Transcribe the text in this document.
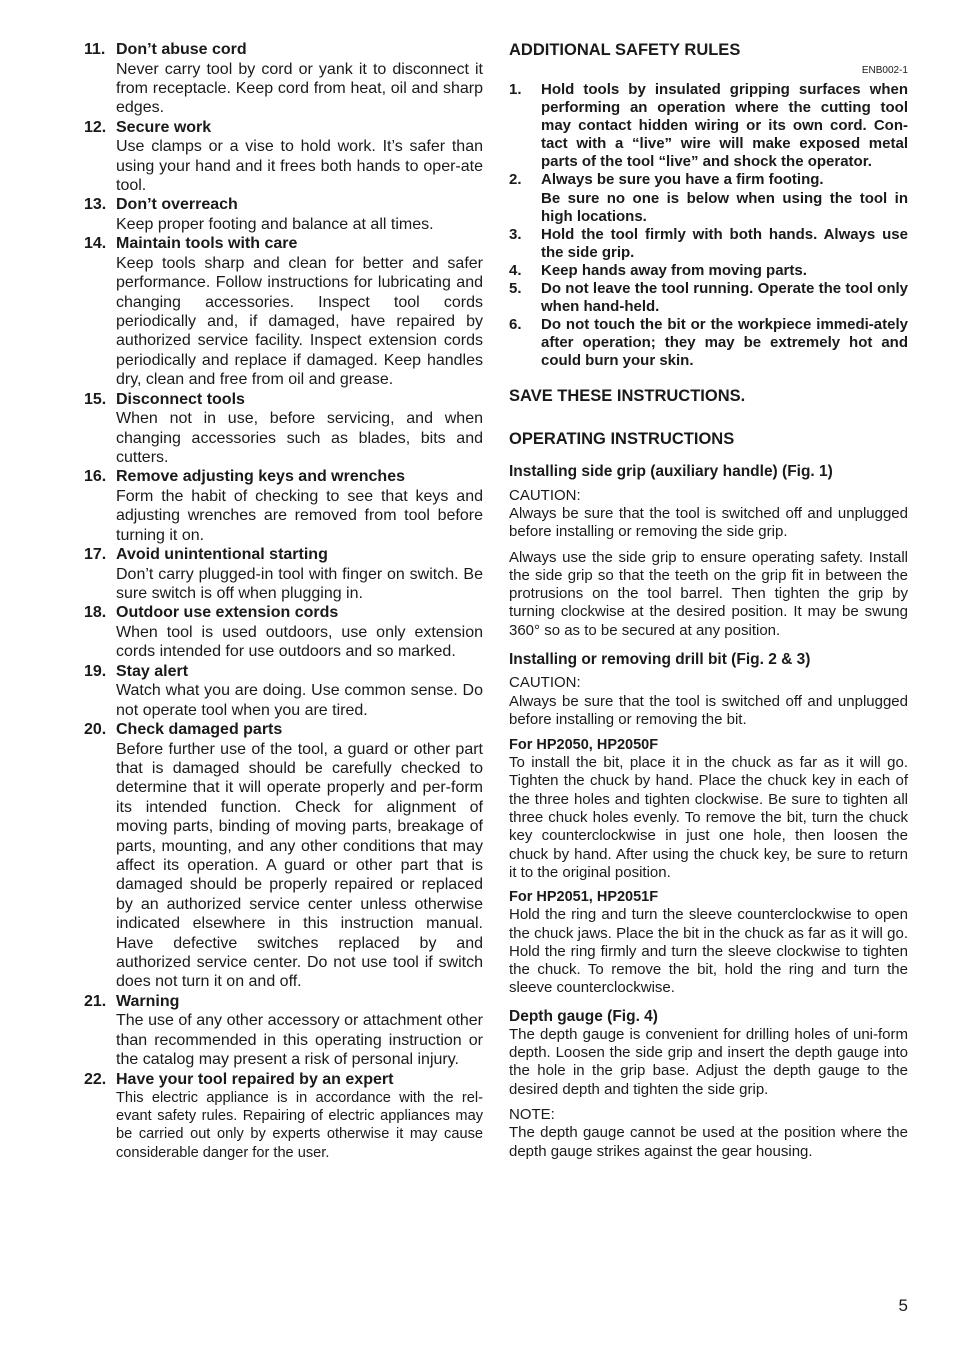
11. Don’t abuse cord
Never carry tool by cord or yank it to disconnect it from receptacle. Keep cord from heat, oil and sharp edges.
12. Secure work
Use clamps or a vise to hold work. It’s safer than using your hand and it frees both hands to oper-ate tool.
13. Don’t overreach
Keep proper footing and balance at all times.
14. Maintain tools with care
Keep tools sharp and clean for better and safer performance. Follow instructions for lubricating and changing accessories. Inspect tool cords periodically and, if damaged, have repaired by authorized service facility. Inspect extension cords periodically and replace if damaged. Keep handles dry, clean and free from oil and grease.
15. Disconnect tools
When not in use, before servicing, and when changing accessories such as blades, bits and cutters.
16. Remove adjusting keys and wrenches
Form the habit of checking to see that keys and adjusting wrenches are removed from tool before turning it on.
17. Avoid unintentional starting
Don’t carry plugged-in tool with finger on switch. Be sure switch is off when plugging in.
18. Outdoor use extension cords
When tool is used outdoors, use only extension cords intended for use outdoors and so marked.
19. Stay alert
Watch what you are doing. Use common sense. Do not operate tool when you are tired.
20. Check damaged parts
Before further use of the tool, a guard or other part that is damaged should be carefully checked to determine that it will operate properly and per-form its intended function. Check for alignment of moving parts, binding of moving parts, breakage of parts, mounting, and any other conditions that may affect its operation. A guard or other part that is damaged should be properly repaired or replaced by an authorized service center unless otherwise indicated elsewhere in this instruction manual. Have defective switches replaced by and authorized service center. Do not use tool if switch does not turn it on and off.
21. Warning
The use of any other accessory or attachment other than recommended in this operating instruction or the catalog may present a risk of personal injury.
22. Have your tool repaired by an expert
This electric appliance is in accordance with the rel-evant safety rules. Repairing of electric appliances may be carried out only by experts otherwise it may cause considerable danger for the user.
ADDITIONAL SAFETY RULES
ENB002-1
1. Hold tools by insulated gripping surfaces when performing an operation where the cutting tool may contact hidden wiring or its own cord. Con-tact with a “live” wire will make exposed metal parts of the tool “live” and shock the operator.
2. Always be sure you have a firm footing.
Be sure no one is below when using the tool in high locations.
3. Hold the tool firmly with both hands. Always use the side grip.
4. Keep hands away from moving parts.
5. Do not leave the tool running. Operate the tool only when hand-held.
6. Do not touch the bit or the workpiece immedi-ately after operation; they may be extremely hot and could burn your skin.
SAVE THESE INSTRUCTIONS.
OPERATING INSTRUCTIONS
Installing side grip (auxiliary handle) (Fig. 1)
CAUTION:
Always be sure that the tool is switched off and unplugged before installing or removing the side grip.
Always use the side grip to ensure operating safety. Install the side grip so that the teeth on the grip fit in between the protrusions on the tool barrel. Then tighten the grip by turning clockwise at the desired position. It may be swung 360° so as to be secured at any position.
Installing or removing drill bit (Fig. 2 & 3)
CAUTION:
Always be sure that the tool is switched off and unplugged before installing or removing the bit.
For HP2050, HP2050F
To install the bit, place it in the chuck as far as it will go. Tighten the chuck by hand. Place the chuck key in each of the three holes and tighten clockwise. Be sure to tighten all three chuck holes evenly. To remove the bit, turn the chuck key counterclockwise in just one hole, then loosen the chuck by hand. After using the chuck key, be sure to return it to the original position.
For HP2051, HP2051F
Hold the ring and turn the sleeve counterclockwise to open the chuck jaws. Place the bit in the chuck as far as it will go. Hold the ring firmly and turn the sleeve clockwise to tighten the chuck. To remove the bit, hold the ring and turn the sleeve counterclockwise.
Depth gauge (Fig. 4)
The depth gauge is convenient for drilling holes of uni-form depth. Loosen the side grip and insert the depth gauge into the hole in the grip base. Adjust the depth gauge to the desired depth and tighten the side grip.
NOTE:
The depth gauge cannot be used at the position where the depth gauge strikes against the gear housing.
5
